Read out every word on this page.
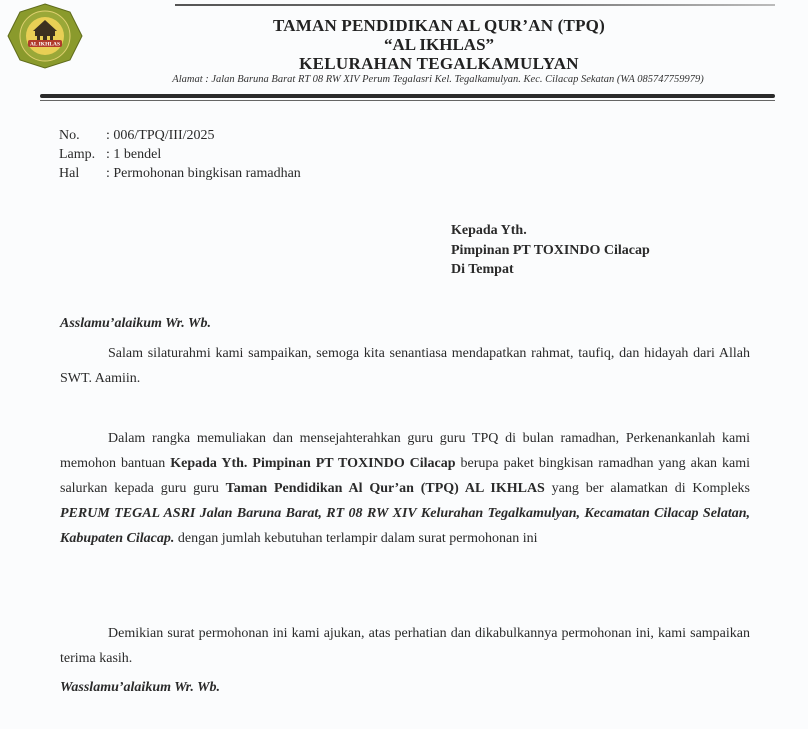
AL IKHLAS
TAMAN PENDIDIKAN AL QUR’AN (TPQ)
“AL IKHLAS”
KELURAHAN TEGALKAMULYAN
Alamat : Jalan Baruna Barat RT 08 RW XIV Perum Tegalasri Kel. Tegalkamulyan. Kec. Cilacap Sekatan (WA 085747759979)
No.	: 006/TPQ/III/2025
Lamp. : 1 bendel
Hal	: Permohonan bingkisan ramadhan
Kepada Yth.
Pimpinan PT TOXINDO Cilacap
Di Tempat
Asslamu’alaikum Wr. Wb.
Salam silaturahmi kami sampaikan, semoga kita senantiasa mendapatkan rahmat, taufiq, dan hidayah dari Allah SWT. Aamiin.
Dalam rangka memuliakan dan mensejahterahkan guru guru TPQ di bulan ramadhan, Perkenankanlah kami memohon bantuan Kepada Yth. Pimpinan PT TOXINDO Cilacap berupa paket bingkisan ramadhan yang akan kami salurkan kepada guru guru Taman Pendidikan Al Qur’an (TPQ) AL IKHLAS yang ber alamatkan di Kompleks PERUM TEGAL ASRI Jalan Baruna Barat, RT 08 RW XIV Kelurahan Tegalkamulyan, Kecamatan Cilacap Selatan, Kabupaten Cilacap. dengan jumlah kebutuhan terlampir dalam surat permohonan ini
Demikian surat permohonan ini kami ajukan, atas perhatian dan dikabulkannya permohonan ini, kami sampaikan terima kasih.
Wasslamu’alaikum Wr. Wb.
